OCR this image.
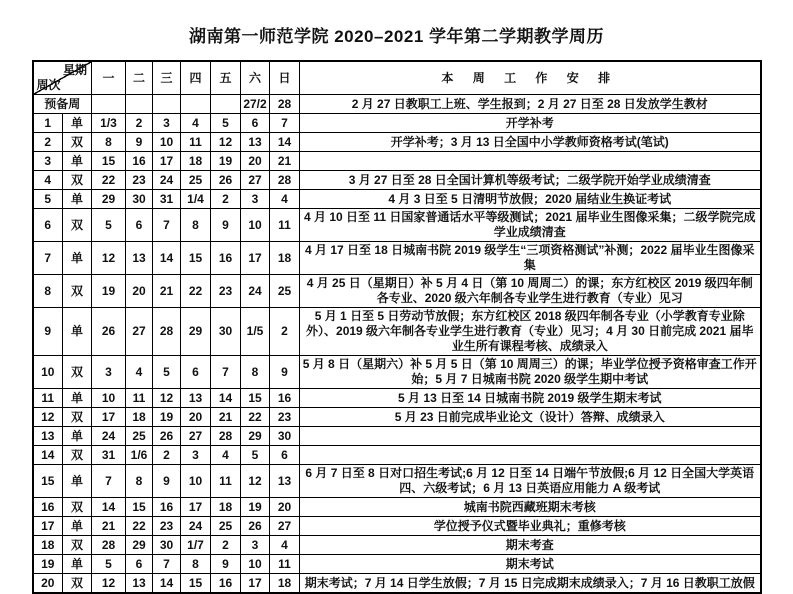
湖南第一师范学院 2020–2021 学年第二学期教学周历
星期
周次		一	二	三	四	五	六	日	本 周 工 作 安 排
预备周							27/2	28	2 月 27 日教职工上班、学生报到；2 月 27 日至 28 日发放学生教材
1	单	1/3	2	3	4	5	6	7	开学补考
2	双	8	9	10	11	12	13	14	开学补考；3 月 13 日全国中小学教师资格考试(笔试)
3	单	15	16	17	18	19	20	21	
4	双	22	23	24	25	26	27	28	3 月 27 日至 28 日全国计算机等级考试；二级学院开始学业成绩清查
5	单	29	30	31	1/4	2	3	4	4 月 3 日至 5 日清明节放假；2020 届结业生换证考试
6	双	5	6	7	8	9	10	11	4 月 10 日至 11 日国家普通话水平等级测试；2021 届毕业生图像采集；二级学院完成学业成绩清查
7	单	12	13	14	15	16	17	18	4 月 17 日至 18 日城南书院 2019 级学生“三项资格测试”补测；2022 届毕业生图像采集
8	双	19	20	21	22	23	24	25	4 月 25 日（星期日）补 5 月 4 日（第 10 周周二）的课；东方红校区 2019 级四年制各专业、2020 级六年制各专业学生进行教育（专业）见习
9	单	26	27	28	29	30	1/5	2	5 月 1 日至 5 日劳动节放假；东方红校区 2018 级四年制各专业（小学教育专业除外）、2019 级六年制各专业学生进行教育（专业）见习；4 月 30 日前完成 2021 届毕业生所有课程考核、成绩录入
10	双	3	4	5	6	7	8	9	5 月 8 日（星期六）补 5 月 5 日（第 10 周周三）的课；毕业学位授予资格审查工作开始；5 月 7 日城南书院 2020 级学生期中考试
11	单	10	11	12	13	14	15	16	5 月 13 日至 14 日城南书院 2019 级学生期末考试
12	双	17	18	19	20	21	22	23	5 月 23 日前完成毕业论文（设计）答辩、成绩录入
13	单	24	25	26	27	28	29	30	
14	双	31	1/6	2	3	4	5	6	
15	单	7	8	9	10	11	12	13	6 月 7 日至 8 日对口招生考试;6 月 12 日至 14 日端午节放假;6 月 12 日全国大学英语四、六级考试；6 月 13 日英语应用能力 A 级考试
16	双	14	15	16	17	18	19	20	城南书院西藏班期末考核
17	单	21	22	23	24	25	26	27	学位授予仪式暨毕业典礼；重修考核
18	双	28	29	30	1/7	2	3	4	期末考查
19	单	5	6	7	8	9	10	11	期末考试
20	双	12	13	14	15	16	17	18	期末考试；7 月 14 日学生放假；7 月 15 日完成期末成绩录入；7 月 16 日教职工放假
